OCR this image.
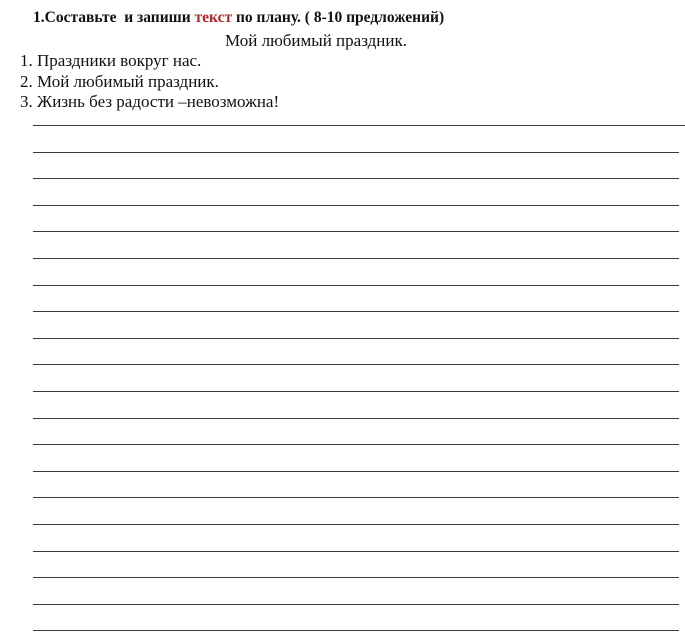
1.Составьте  и запиши текст по плану. ( 8-10 предложений)

Мой любимый праздник.

1. Праздники вокруг нас.
2. Мой любимый праздник.
3. Жизнь без радости –невозможна!
